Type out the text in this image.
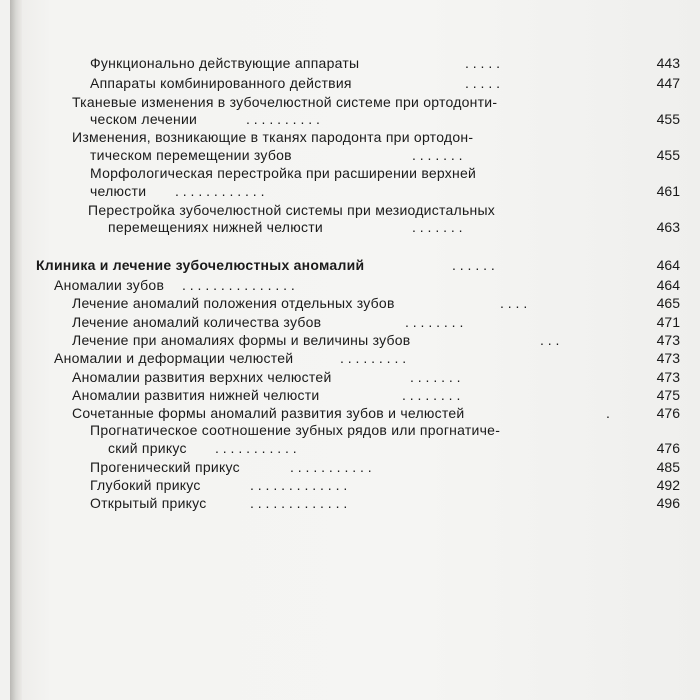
Функционально действующие аппараты	. . . . .	443
Аппараты комбинированного действия	. . . . .	447
Тканевые изменения в зубочелюстной системе при ортодонти-
ческом лечении	. . . . . . . . . .	455
Изменения, возникающие в тканях пародонта при ортодон-
тическом перемещении зубов	. . . . . . .	455
Морфологическая перестройка при расширении верхней
челюсти . . . . . . . . . . . .	461
Перестройка зубочелюстной системы при мезиодистальных
перемещениях нижней челюсти	. . . . . . .	463
Клиника и лечение зубочелюстных аномалий	. . . . . .	464
Аномалии зубов . . . . . . . . . . . . . . .	464
Лечение аномалий положения отдельных зубов	. . . .	465
Лечение аномалий количества зубов	. . . . . . . .	471
Лечение при аномалиях формы и величины зубов	. . .	473
Аномалии и деформации челюстей	. . . . . . . . .	473
Аномалии развития верхних челюстей	. . . . . . .	473
Аномалии развития нижней челюсти	. . . . . . . .	475
Сочетанные формы аномалий развития зубов и челюстей	.	476
Прогнатическое соотношение зубных рядов или прогнатиче-
ский прикус . . . . . . . . . . .	476
Прогенический прикус	. . . . . . . . . . .	485
Глубокий прикус	. . . . . . . . . . . . .	492
Открытый прикус	. . . . . . . . . . . . .	496
